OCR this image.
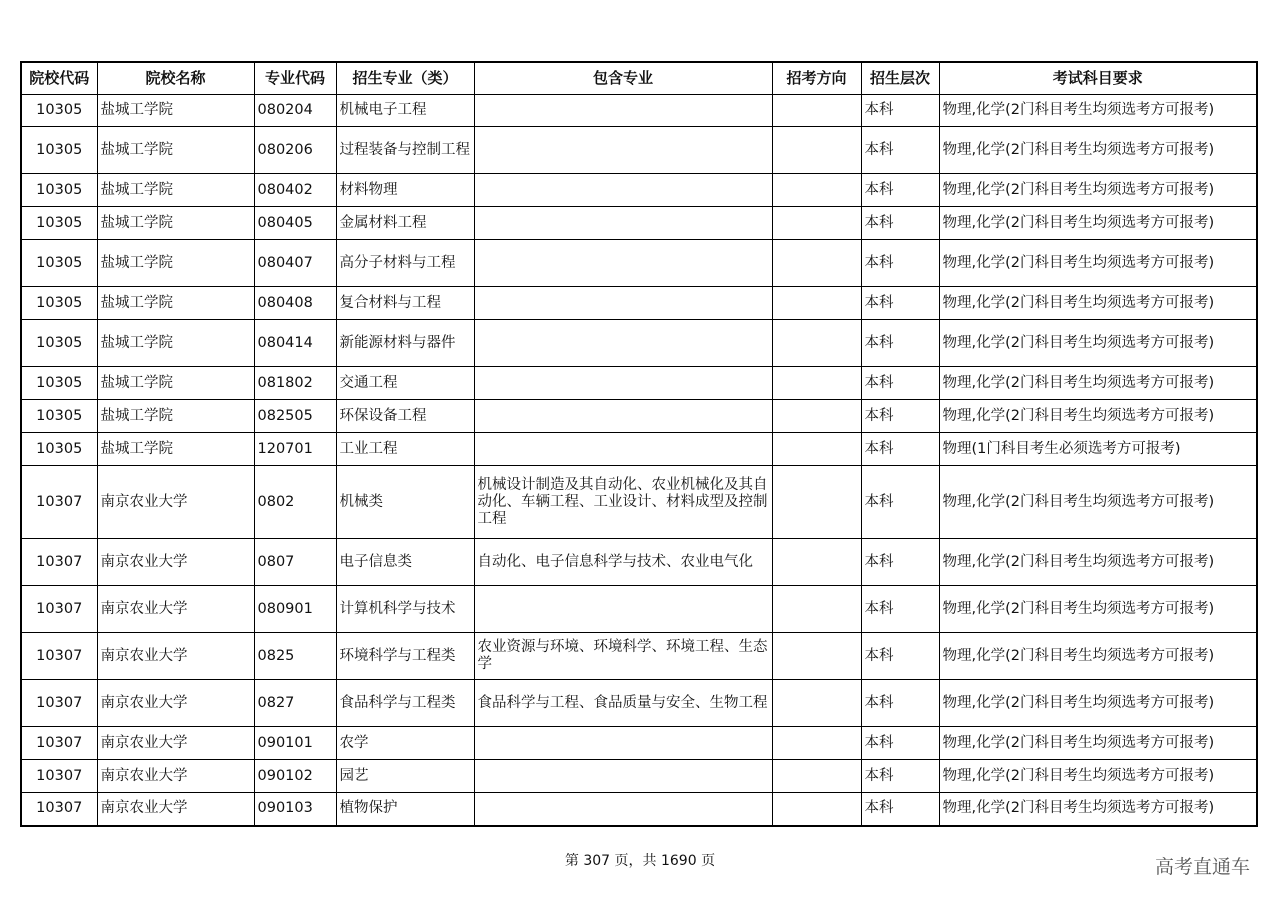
院校代码	院校名称	专业代码	招生专业（类）	包含专业	招考方向	招生层次	考试科目要求
10305	盐城工学院	080204	机械电子工程			本科	物理,化学(2门科目考生均须选考方可报考)
10305	盐城工学院	080206	过程装备与控制工程			本科	物理,化学(2门科目考生均须选考方可报考)
10305	盐城工学院	080402	材料物理			本科	物理,化学(2门科目考生均须选考方可报考)
10305	盐城工学院	080405	金属材料工程			本科	物理,化学(2门科目考生均须选考方可报考)
10305	盐城工学院	080407	高分子材料与工程			本科	物理,化学(2门科目考生均须选考方可报考)
10305	盐城工学院	080408	复合材料与工程			本科	物理,化学(2门科目考生均须选考方可报考)
10305	盐城工学院	080414	新能源材料与器件			本科	物理,化学(2门科目考生均须选考方可报考)
10305	盐城工学院	081802	交通工程			本科	物理,化学(2门科目考生均须选考方可报考)
10305	盐城工学院	082505	环保设备工程			本科	物理,化学(2门科目考生均须选考方可报考)
10305	盐城工学院	120701	工业工程			本科	物理(1门科目考生必须选考方可报考)
10307	南京农业大学	0802	机械类	机械设计制造及其自动化、农业机械化及其自动化、车辆工程、工业设计、材料成型及控制工程		本科	物理,化学(2门科目考生均须选考方可报考)
10307	南京农业大学	0807	电子信息类	自动化、电子信息科学与技术、农业电气化		本科	物理,化学(2门科目考生均须选考方可报考)
10307	南京农业大学	080901	计算机科学与技术			本科	物理,化学(2门科目考生均须选考方可报考)
10307	南京农业大学	0825	环境科学与工程类	农业资源与环境、环境科学、环境工程、生态学		本科	物理,化学(2门科目考生均须选考方可报考)
10307	南京农业大学	0827	食品科学与工程类	食品科学与工程、食品质量与安全、生物工程		本科	物理,化学(2门科目考生均须选考方可报考)
10307	南京农业大学	090101	农学			本科	物理,化学(2门科目考生均须选考方可报考)
10307	南京农业大学	090102	园艺			本科	物理,化学(2门科目考生均须选考方可报考)
10307	南京农业大学	090103	植物保护			本科	物理,化学(2门科目考生均须选考方可报考)
第 307 页，共 1690 页	高考直通车
